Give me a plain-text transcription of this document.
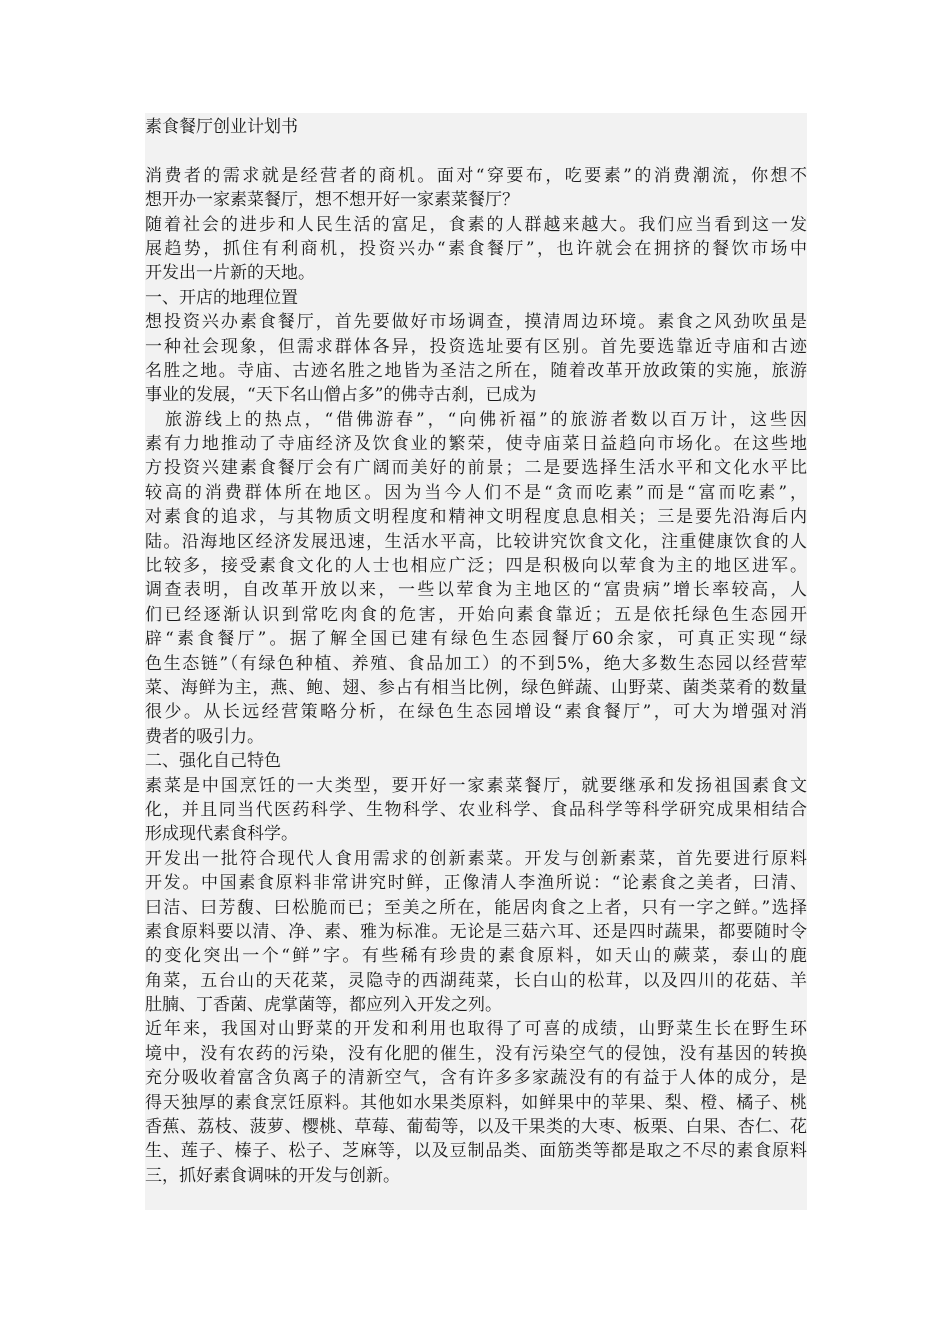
素食餐厅创业计划书
消费者的需求就是经营者的商机。面对“穿要布，吃要素”的消费潮流，你想不
想开办一家素菜餐厅，想不想开好一家素菜餐厅？
随着社会的进步和人民生活的富足，食素的人群越来越大。我们应当看到这一发
展趋势，抓住有利商机，投资兴办“素食餐厅”，也许就会在拥挤的餐饮市场中
开发出一片新的天地。
一、开店的地理位置
想投资兴办素食餐厅，首先要做好市场调查，摸清周边环境。素食之风劲吹虽是
一种社会现象，但需求群体各异，投资选址要有区别。首先要选靠近寺庙和古迹
名胜之地。寺庙、古迹名胜之地皆为圣洁之所在，随着改革开放政策的实施，旅游
事业的发展，“天下名山僧占多”的佛寺古刹，已成为
　旅游线上的热点，“借佛游春”，“向佛祈福”的旅游者数以百万计，这些因
素有力地推动了寺庙经济及饮食业的繁荣，使寺庙菜日益趋向市场化。在这些地
方投资兴建素食餐厅会有广阔而美好的前景；二是要选择生活水平和文化水平比
较高的消费群体所在地区。因为当今人们不是“贪而吃素”而是“富而吃素”，
对素食的追求，与其物质文明程度和精神文明程度息息相关；三是要先沿海后内
陆。沿海地区经济发展迅速，生活水平高，比较讲究饮食文化，注重健康饮食的人
比较多，接受素食文化的人士也相应广泛；四是积极向以荤食为主的地区进军。
调查表明，自改革开放以来，一些以荤食为主地区的“富贵病”增长率较高，人
们已经逐渐认识到常吃肉食的危害，开始向素食靠近；五是依托绿色生态园开
辟“素食餐厅”。据了解全国已建有绿色生态园餐厅60余家，可真正实现“绿
色生态链”（有绿色种植、养殖、食品加工）的不到5%，绝大多数生态园以经营荤
菜、海鲜为主，燕、鲍、翅、参占有相当比例，绿色鲜蔬、山野菜、菌类菜肴的数量
很少。从长远经营策略分析，在绿色生态园增设“素食餐厅”，可大为增强对消
费者的吸引力。
二、强化自己特色
素菜是中国烹饪的一大类型，要开好一家素菜餐厅，就要继承和发扬祖国素食文
化，并且同当代医药科学、生物科学、农业科学、食品科学等科学研究成果相结合
形成现代素食科学。
开发出一批符合现代人食用需求的创新素菜。开发与创新素菜，首先要进行原料
开发。中国素食原料非常讲究时鲜，正像清人李渔所说：“论素食之美者，曰清、
曰洁、曰芳馥、曰松脆而已；至美之所在，能居肉食之上者，只有一字之鲜。”选择
素食原料要以清、净、素、雅为标准。无论是三菇六耳、还是四时蔬果，都要随时令
的变化突出一个“鲜”字。有些稀有珍贵的素食原料，如天山的蕨菜，泰山的鹿
角菜，五台山的天花菜，灵隐寺的西湖莼菜，长白山的松茸，以及四川的花菇、羊
肚腩、丁香菌、虎掌菌等，都应列入开发之列。
近年来，我国对山野菜的开发和利用也取得了可喜的成绩，山野菜生长在野生环
境中，没有农药的污染，没有化肥的催生，没有污染空气的侵蚀，没有基因的转换
充分吸收着富含负离子的清新空气，含有许多多家蔬没有的有益于人体的成分，是
得天独厚的素食烹饪原料。其他如水果类原料，如鲜果中的苹果、梨、橙、橘子、桃
香蕉、荔枝、菠萝、樱桃、草莓、葡萄等，以及干果类的大枣、板栗、白果、杏仁、花
生、莲子、榛子、松子、芝麻等，以及豆制品类、面筋类等都是取之不尽的素食原料
三，抓好素食调味的开发与创新。
